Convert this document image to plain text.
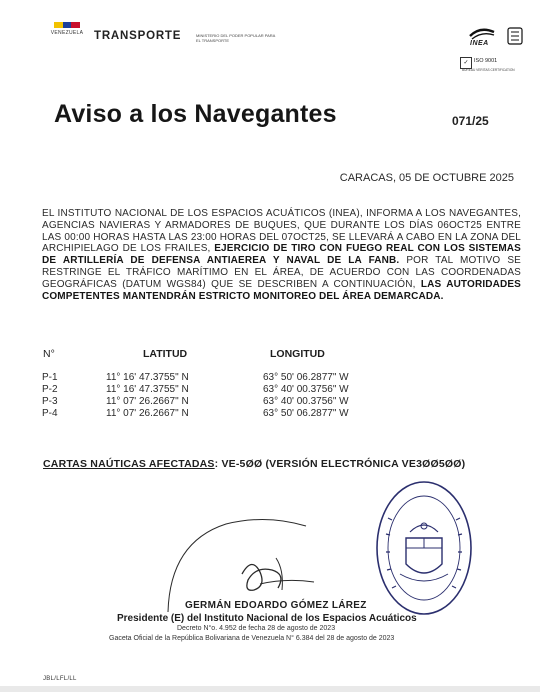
VENEZUELA TRANSPORTE	MINISTERIO DEL PODER POPULAR PARA EL TRANSPORTE	INEA
✓ ISO 9001
BUREAU VERITAS CERTIFICATION
Aviso a los Navegantes	071/25
CARACAS, 05 DE OCTUBRE 2025
EL INSTITUTO NACIONAL DE LOS ESPACIOS ACUÁTICOS (INEA), INFORMA A LOS NAVEGANTES, AGENCIAS NAVIERAS Y ARMADORES DE BUQUES, QUE DURANTE LOS DÍAS 06OCT25 ENTRE LAS 00:00 HORAS HASTA LAS 23:00 HORAS DEL 07OCT25, SE LLEVARÁ A CABO EN LA ZONA DEL ARCHIPIELAGO DE LOS FRAILES, EJERCICIO DE TIRO CON FUEGO REAL CON LOS SISTEMAS DE ARTILLERÍA DE DEFENSA ANTIAEREA Y NAVAL DE LA FANB. POR TAL MOTIVO SE RESTRINGE EL TRÁFICO MARÍTIMO EN EL ÁREA, DE ACUERDO CON LAS COORDENADAS GEOGRÁFICAS (DATUM WGS84) QUE SE DESCRIBEN A CONTINUACIÓN, LAS AUTORIDADES COMPETENTES MANTENDRÁN ESTRICTO MONITOREO DEL ÁREA DEMARCADA.
N°	LATITUD	LONGITUD
P-1	11° 16' 47.3755" N	63° 50' 06.2877" W
P-2	11° 16' 47.3755" N	63° 40' 00.3756" W
P-3	11° 07' 26.2667" N	63° 40' 00.3756" W
P-4	11° 07' 26.2667" N	63° 50' 06.2877" W
CARTAS NAÚTICAS AFECTADAS: VE-5ØØ (VERSIÓN ELECTRÓNICA VE3ØØ5ØØ)
GERMÁN EDOARDO GÓMEZ LÁREZ
Presidente (E) del Instituto Nacional de los Espacios Acuáticos
Decreto N°o. 4.952 de fecha 28 de agosto de 2023
Gaceta Oficial de la República Bolivariana de Venezuela N° 6.384 del 28 de agosto de 2023
JBL/LFL/LL
